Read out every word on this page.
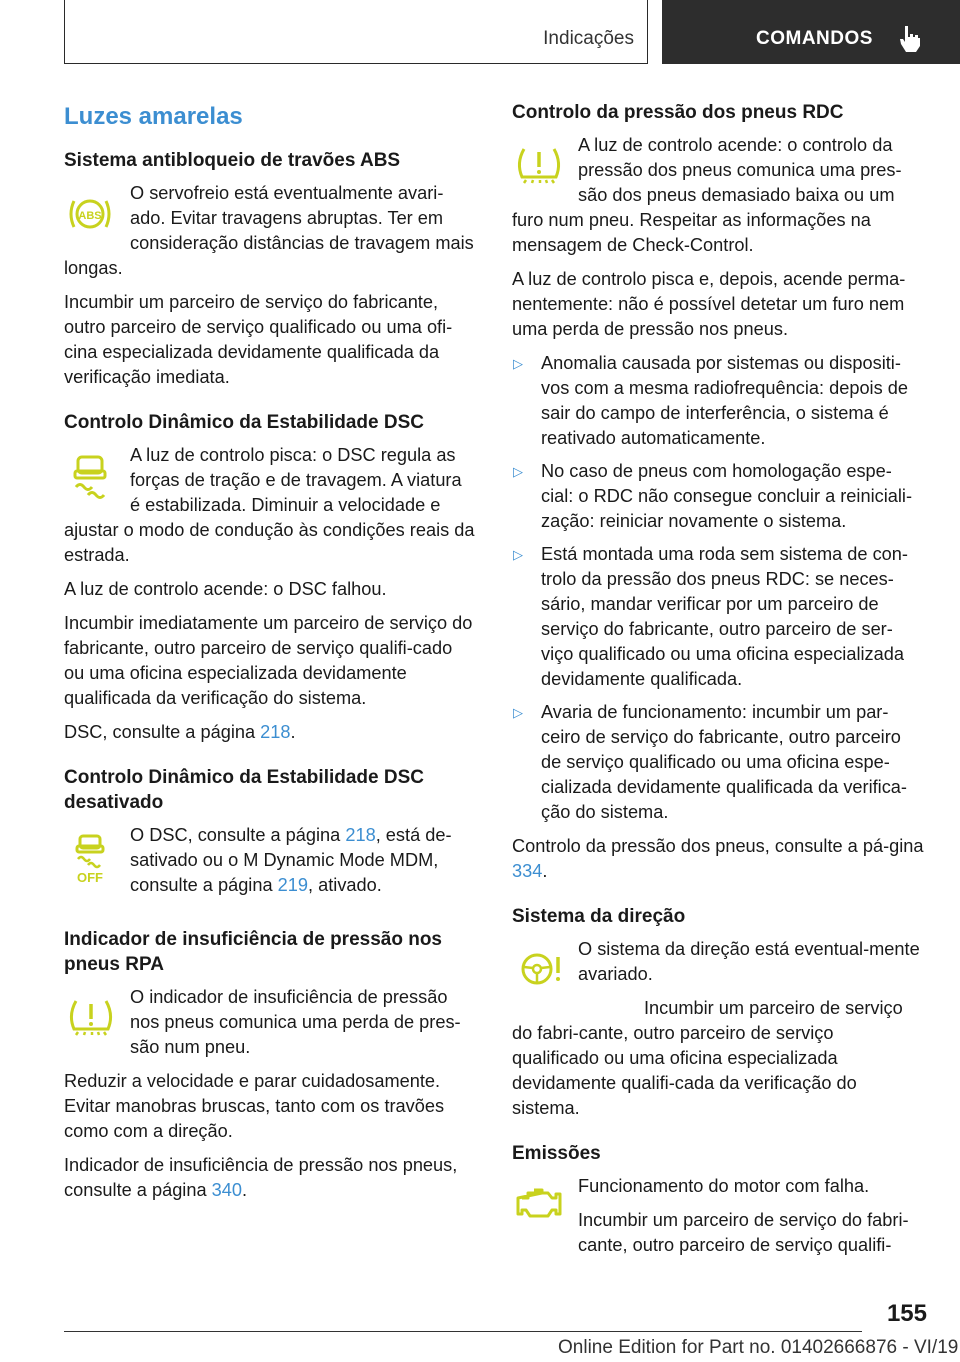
Indicações	COMANDOS
Luzes amarelas
Sistema antibloqueio de travões ABS
ABS

O servofreio está eventualmente avari-ado. Evitar travagens abruptas. Ter em consideração distâncias de travagem mais longas.

Incumbir um parceiro de serviço do fabricante, outro parceiro de serviço qualificado ou uma ofi-cina especializada devidamente qualificada da verificação imediata.

Controlo Dinâmico da Estabilidade DSC

A luz de controlo pisca: o DSC regula as forças de tração e de travagem. A viatura é estabilizada. Diminuir a velocidade e ajustar o modo de condução às condições reais da estrada.

A luz de controlo acende: o DSC falhou.

Incumbir imediatamente um parceiro de serviço do fabricante, outro parceiro de serviço qualifi-cado ou uma oficina especializada devidamente qualificada da verificação do sistema.

DSC, consulte a página 218.

Controlo Dinâmico da Estabilidade DSC desativado
OFF

O DSC, consulte a página 218, está de-sativado ou o M Dynamic Mode MDM, consulte a página 219, ativado.

Indicador de insuficiência de pressão nos pneus RPA

O indicador de insuficiência de pressão nos pneus comunica uma perda de pres-são num pneu.

Reduzir a velocidade e parar cuidadosamente. Evitar manobras bruscas, tanto com os travões como com a direção.

Indicador de insuficiência de pressão nos pneus, consulte a página 340.

Controlo da pressão dos pneus RDC

A luz de controlo acende: o controlo da pressão dos pneus comunica uma pres-são dos pneus demasiado baixa ou um furo num pneu. Respeitar as informações na mensagem de Check-Control.

A luz de controlo pisca e, depois, acende perma-nentemente: não é possível detetar um furo nem uma perda de pressão nos pneus.

▷ Anomalia causada por sistemas ou dispositi-vos com a mesma radiofrequência: depois de sair do campo de interferência, o sistema é reativado automaticamente.
▷ No caso de pneus com homologação espe-cial: o RDC não consegue concluir a reiniciali-zação: reiniciar novamente o sistema.
▷ Está montada uma roda sem sistema de con-trolo da pressão dos pneus RDC: se neces-sário, mandar verificar por um parceiro de serviço do fabricante, outro parceiro de ser-viço qualificado ou uma oficina especializada devidamente qualificada.
▷ Avaria de funcionamento: incumbir um par-ceiro de serviço do fabricante, outro parceiro de serviço qualificado ou uma oficina espe-cializada devidamente qualificada da verifica-ção do sistema.

Controlo da pressão dos pneus, consulte a pá-gina 334.

Sistema da direção

O sistema da direção está eventual-mente avariado.

Incumbir um parceiro de serviço do fabri-cante, outro parceiro de serviço qualificado ou uma oficina especializada devidamente qualifi-cada da verificação do sistema.

Emissões

Funcionamento do motor com falha.

Incumbir um parceiro de serviço do fabri-cante, outro parceiro de serviço qualifi-

155
Online Edition for Part no. 01402666876 - VI/19
